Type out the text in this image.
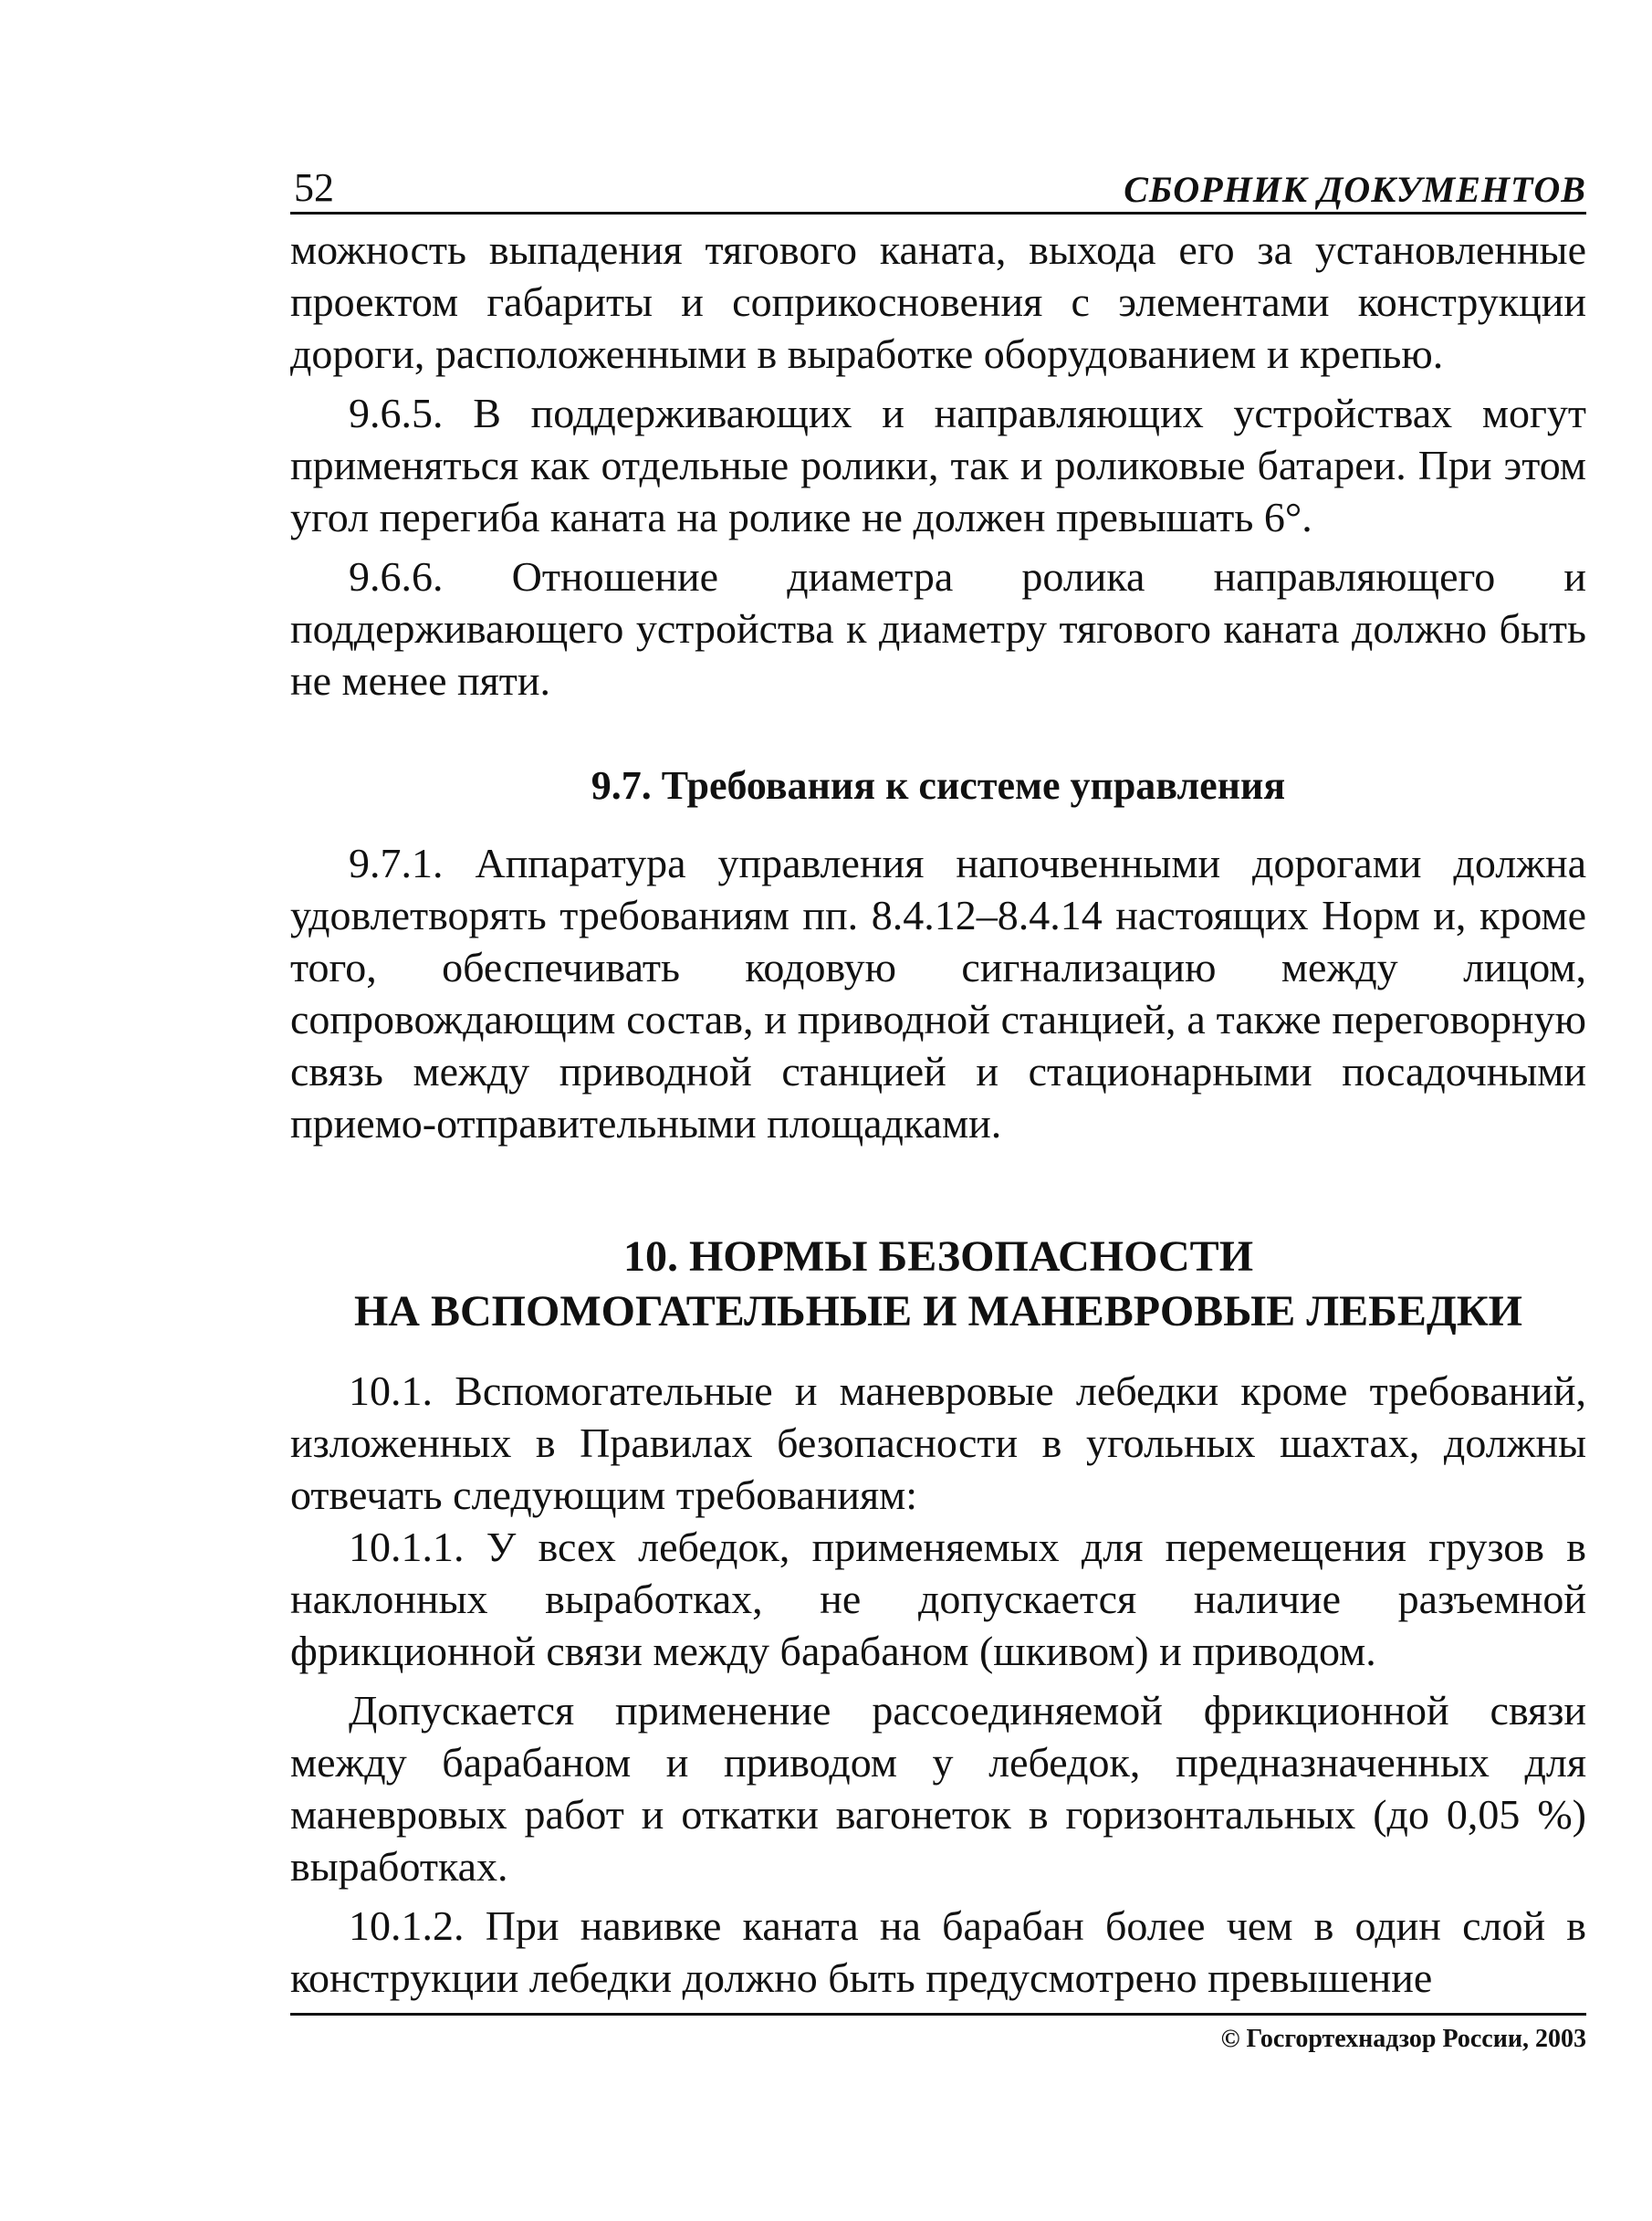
52	СБОРНИК ДОКУМЕНТОВ

можность выпадения тягового каната, выхода его за установленные проектом габариты и соприкосновения с элементами конструкции дороги, расположенными в выработке оборудованием и крепью.

9.6.5. В поддерживающих и направляющих устройствах могут применяться как отдельные ролики, так и роликовые батареи. При этом угол перегиба каната на ролике не должен превышать 6°.

9.6.6. Отношение диаметра ролика направляющего и поддерживающего устройства к диаметру тягового каната должно быть не менее пяти.

9.7. Требования к системе управления

9.7.1. Аппаратура управления напочвенными дорогами должна удовлетворять требованиям пп. 8.4.12–8.4.14 настоящих Норм и, кроме того, обеспечивать кодовую сигнализацию между лицом, сопровождающим состав, и приводной станцией, а также переговорную связь между приводной станцией и стационарными посадочными приемо-отправительными площадками.

10. НОРМЫ БЕЗОПАСНОСТИ
НА ВСПОМОГАТЕЛЬНЫЕ И МАНЕВРОВЫЕ ЛЕБЕДКИ

10.1. Вспомогательные и маневровые лебедки кроме требований, изложенных в Правилах безопасности в угольных шахтах, должны отвечать следующим требованиям:

10.1.1. У всех лебедок, применяемых для перемещения грузов в наклонных выработках, не допускается наличие разъемной фрикционной связи между барабаном (шкивом) и приводом.

Допускается применение рассоединяемой фрикционной связи между барабаном и приводом у лебедок, предназначенных для маневровых работ и откатки вагонеток в горизонтальных (до 0,05 %) выработках.

10.1.2. При навивке каната на барабан более чем в один слой в конструкции лебедки должно быть предусмотрено превышение

© Госгортехнадзор России, 2003
